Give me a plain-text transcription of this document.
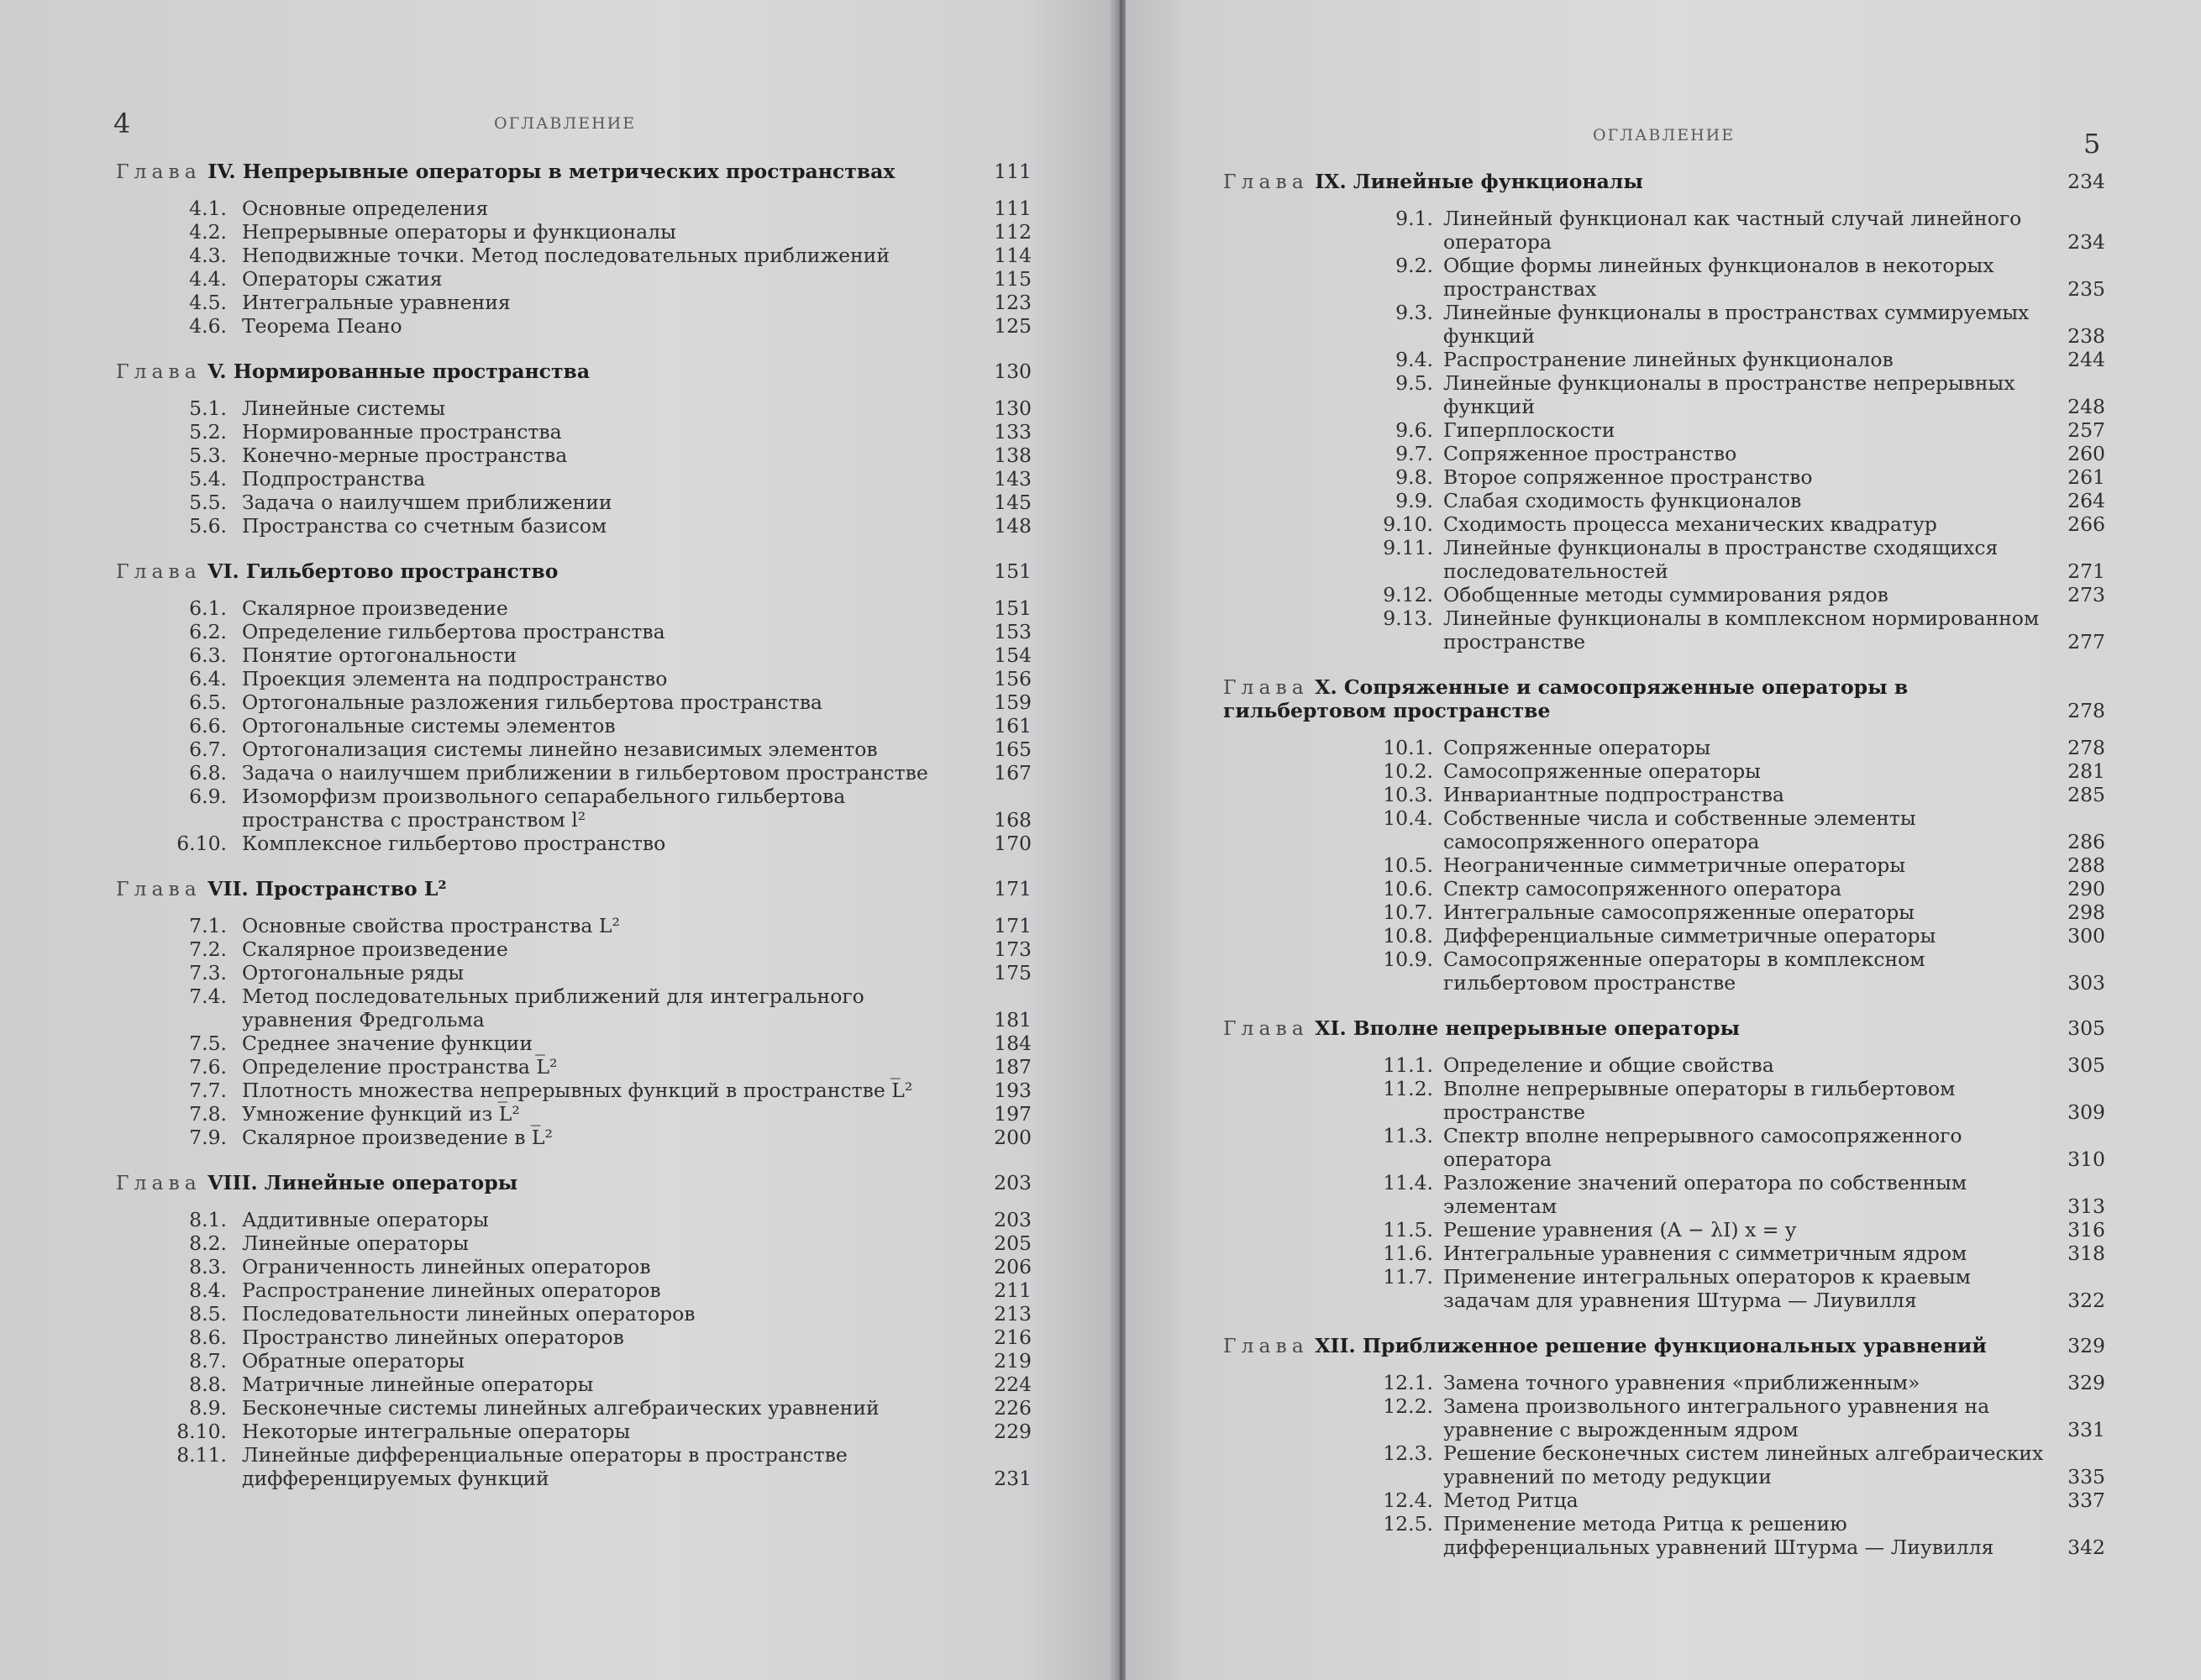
4	ОГЛАВЛЕНИЕ
Глава IV. Непрерывные операторы в метрических пространствах	111
4.1. Основные определения	111
4.2. Непрерывные операторы и функционалы	112
4.3. Неподвижные точки. Метод последовательных приближений	114
4.4. Операторы сжатия	115
4.5. Интегральные уравнения	123
4.6. Теорема Пеано	125
Глава V. Нормированные пространства	130
5.1. Линейные системы	130
5.2. Нормированные пространства	133
5.3. Конечно-мерные пространства	138
5.4. Подпространства	143
5.5. Задача о наилучшем приближении	145
5.6. Пространства со счетным базисом	148
Глава VI. Гильбертово пространство	151
6.1. Скалярное произведение	151
6.2. Определение гильбертова пространства	153
6.3. Понятие ортогональности	154
6.4. Проекция элемента на подпространство	156
6.5. Ортогональные разложения гильбертова пространства	159
6.6. Ортогональные системы элементов	161
6.7. Ортогонализация системы линейно независимых элементов	165
6.8. Задача о наилучшем приближении в гильбертовом пространстве	167
6.9. Изоморфизм произвольного сепарабельного гильбертова пространства с пространством l²	168
6.10. Комплексное гильбертово пространство	170
Глава VII. Пространство L²	171
7.1. Основные свойства пространства L²	171
7.2. Скалярное произведение	173
7.3. Ортогональные ряды	175
7.4. Метод последовательных приближений для интегрального уравнения Фредгольма	181
7.5. Среднее значение функции	184
7.6. Определение пространства L̅²	187
7.7. Плотность множества непрерывных функций в пространстве L̅²	193
7.8. Умножение функций из L̅²	197
7.9. Скалярное произведение в L̅²	200
Глава VIII. Линейные операторы	203
8.1. Аддитивные операторы	203
8.2. Линейные операторы	205
8.3. Ограниченность линейных операторов	206
8.4. Распространение линейных операторов	211
8.5. Последовательности линейных операторов	213
8.6. Пространство линейных операторов	216
8.7. Обратные операторы	219
8.8. Матричные линейные операторы	224
8.9. Бесконечные системы линейных алгебраических уравнений	226
8.10. Некоторые интегральные операторы	229
8.11. Линейные дифференциальные операторы в пространстве дифференцируемых функций	231
ОГЛАВЛЕНИЕ	5
Глава IX. Линейные функционалы	234
9.1. Линейный функционал как частный случай линейного оператора	234
9.2. Общие формы линейных функционалов в некоторых пространствах	235
9.3. Линейные функционалы в пространствах суммируемых функций	238
9.4. Распространение линейных функционалов	244
9.5. Линейные функционалы в пространстве непрерывных функций	248
9.6. Гиперплоскости	257
9.7. Сопряженное пространство	260
9.8. Второе сопряженное пространство	261
9.9. Слабая сходимость функционалов	264
9.10. Сходимость процесса механических квадратур	266
9.11. Линейные функционалы в пространстве сходящихся последовательностей	271
9.12. Обобщенные методы суммирования рядов	273
9.13. Линейные функционалы в комплексном нормированном пространстве	277
Глава X. Сопряженные и самосопряженные операторы в гильбертовом пространстве	278
10.1. Сопряженные операторы	278
10.2. Самосопряженные операторы	281
10.3. Инвариантные подпространства	285
10.4. Собственные числа и собственные элементы самосопряженного оператора	286
10.5. Неограниченные симметричные операторы	288
10.6. Спектр самосопряженного оператора	290
10.7. Интегральные самосопряженные операторы	298
10.8. Дифференциальные симметричные операторы	300
10.9. Самосопряженные операторы в комплексном гильбертовом пространстве	303
Глава XI. Вполне непрерывные операторы	305
11.1. Определение и общие свойства	305
11.2. Вполне непрерывные операторы в гильбертовом пространстве	309
11.3. Спектр вполне непрерывного самосопряженного оператора	310
11.4. Разложение значений оператора по собственным элементам	313
11.5. Решение уравнения (A − λI) x = y	316
11.6. Интегральные уравнения с симметричным ядром	318
11.7. Применение интегральных операторов к краевым задачам для уравнения Штурма — Лиувилля	322
Глава XII. Приближенное решение функциональных уравнений	329
12.1. Замена точного уравнения «приближенным»	329
12.2. Замена произвольного интегрального уравнения на уравнение с вырожденным ядром	331
12.3. Решение бесконечных систем линейных алгебраических уравнений по методу редукции	335
12.4. Метод Ритца	337
12.5. Применение метода Ритца к решению дифференциальных уравнений Штурма — Лиувилля	342
